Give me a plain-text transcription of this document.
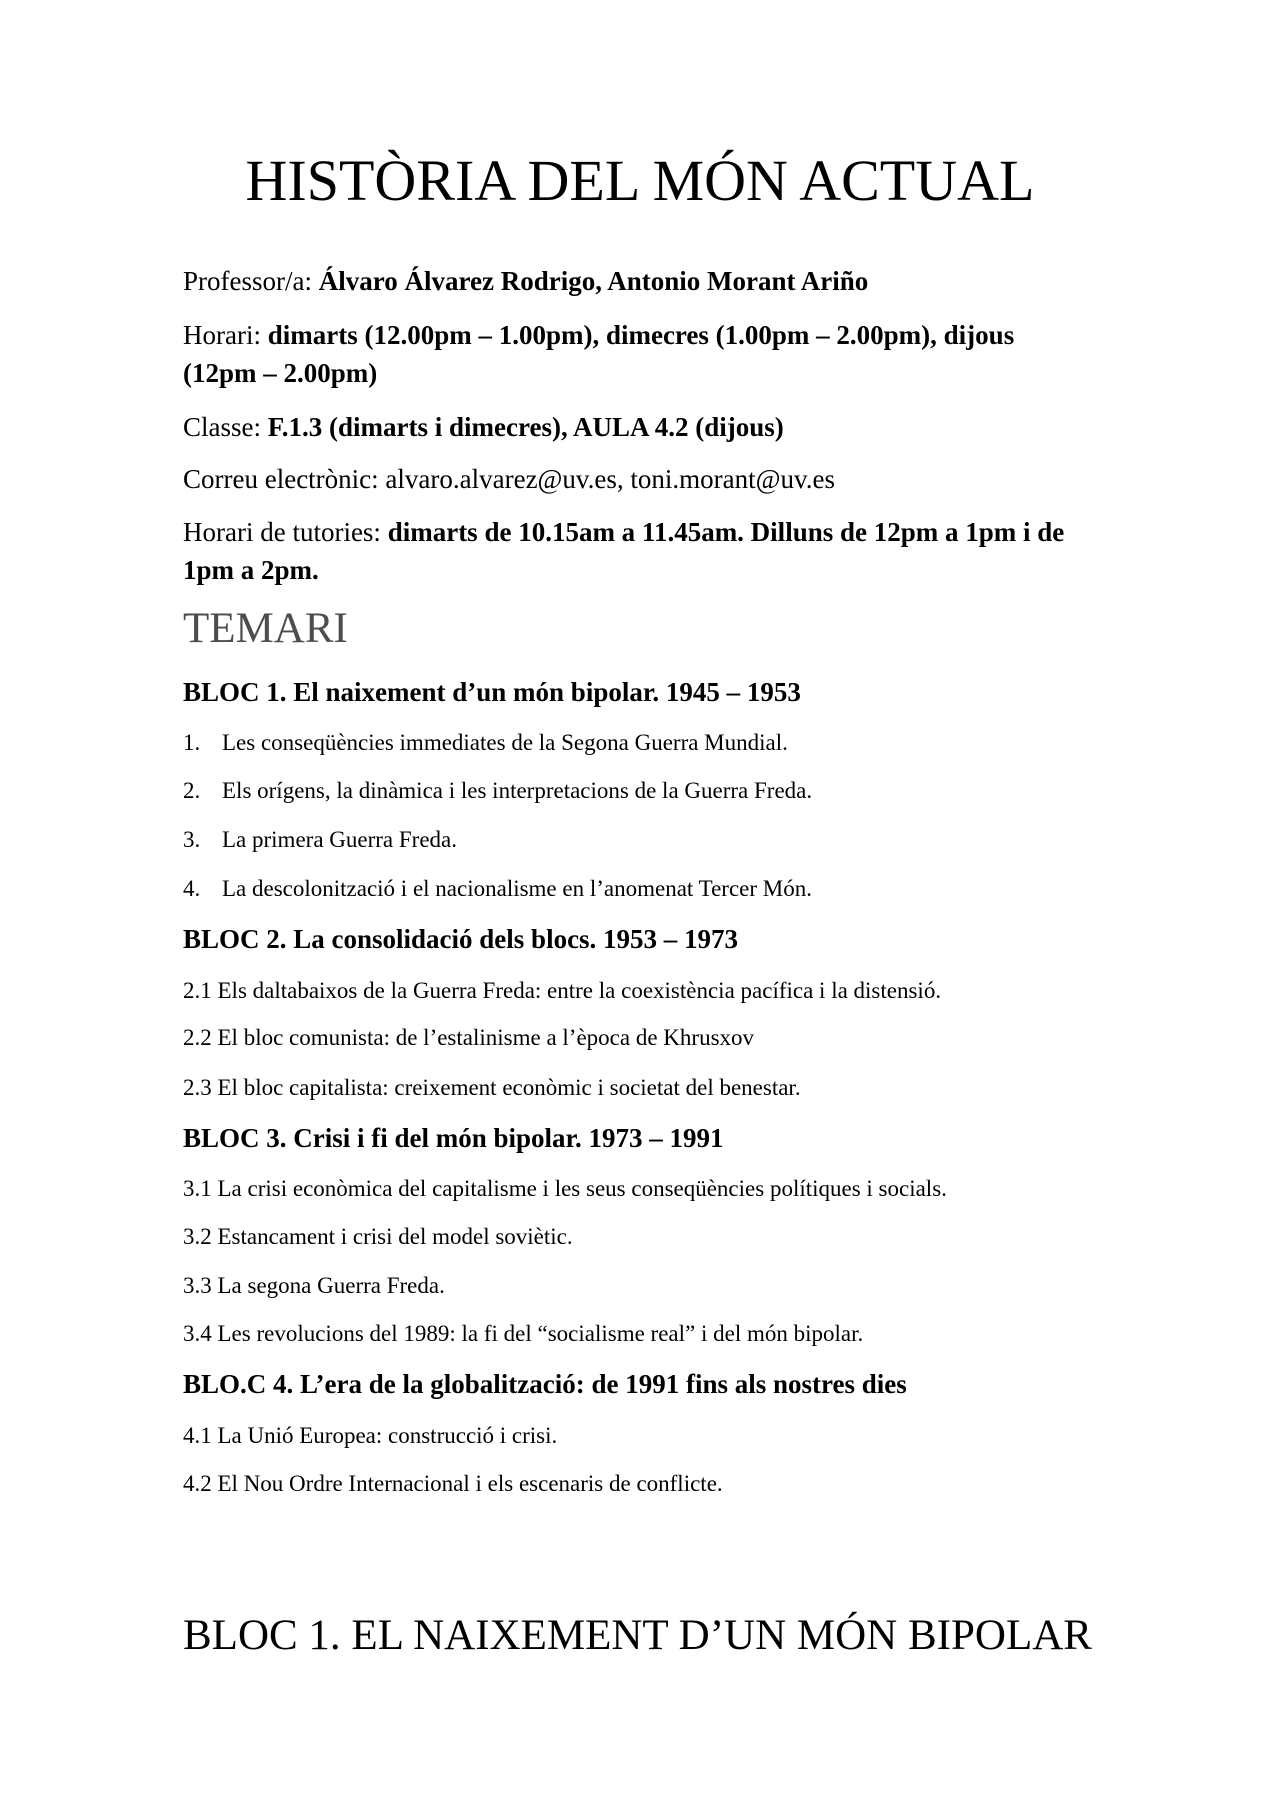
HISTÒRIA DEL MÓN ACTUAL
Professor/a: Álvaro Álvarez Rodrigo, Antonio Morant Ariño
Horari: dimarts (12.00pm – 1.00pm), dimecres (1.00pm – 2.00pm), dijous (12pm – 2.00pm)
Classe: F.1.3 (dimarts i dimecres), AULA 4.2 (dijous)
Correu electrònic: alvaro.alvarez@uv.es, toni.morant@uv.es
Horari de tutories: dimarts de 10.15am a 11.45am. Dilluns de 12pm a 1pm i de 1pm a 2pm.
TEMARI
BLOC 1. El naixement d’un món bipolar. 1945 – 1953
1. Les conseqüències immediates de la Segona Guerra Mundial.
2. Els orígens, la dinàmica i les interpretacions de la Guerra Freda.
3. La primera Guerra Freda.
4. La descolonització i el nacionalisme en l’anomenat Tercer Món.
BLOC 2. La consolidació dels blocs. 1953 – 1973
2.1 Els daltabaixos de la Guerra Freda: entre la coexistència pacífica i la distensió.
2.2 El bloc comunista: de l’estalinisme a l’època de Khrusxov
2.3 El bloc capitalista: creixement econòmic i societat del benestar.
BLOC 3. Crisi i fi del món bipolar. 1973 – 1991
3.1 La crisi econòmica del capitalisme i les seus conseqüències polítiques i socials.
3.2 Estancament i crisi del model soviètic.
3.3 La segona Guerra Freda.
3.4 Les revolucions del 1989: la fi del “socialisme real” i del món bipolar.
BLO.C 4. L’era de la globalització: de 1991 fins als nostres dies
4.1 La Unió Europea: construcció i crisi.
4.2 El Nou Ordre Internacional i els escenaris de conflicte.
BLOC 1. EL NAIXEMENT D’UN MÓN BIPOLAR
